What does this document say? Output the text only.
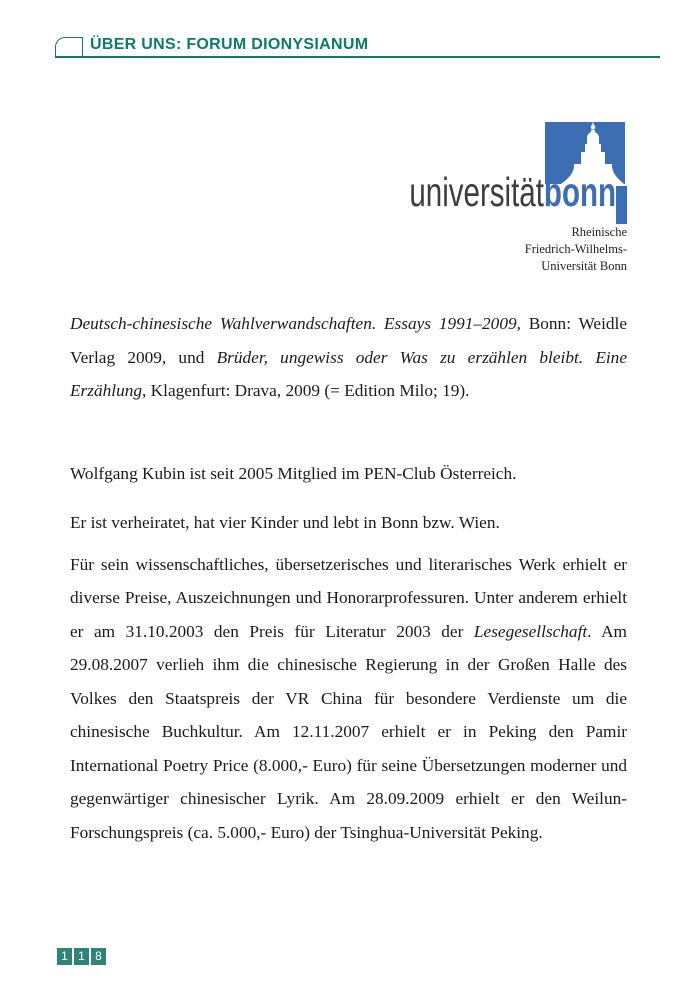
ÜBER UNS: FORUM DIONYSIANUM
universitätbonn
Rheinische
Friedrich-Wilhelms-
Universität Bonn

Deutsch-chinesische Wahlverwandschaften. Essays 1991–2009, Bonn: Weidle Verlag 2009, und Brüder, ungewiss oder Was zu erzählen bleibt. Eine Erzählung, Klagenfurt: Drava, 2009 (= Edition Milo; 19).

Wolfgang Kubin ist seit 2005 Mitglied im PEN-Club Österreich.

Er ist verheiratet, hat vier Kinder und lebt in Bonn bzw. Wien.

Für sein wissenschaftliches, übersetzerisches und literarisches Werk erhielt er diverse Preise, Auszeichnungen und Honorarprofessuren. Unter anderem erhielt er am 31.10.2003 den Preis für Literatur 2003 der Lesegesellschaft. Am 29.08.2007 verlieh ihm die chinesische Regierung in der Großen Halle des Volkes den Staatspreis der VR China für besondere Verdienste um die chinesische Buchkultur. Am 12.11.2007 erhielt er in Peking den Pamir International Poetry Price (8.000,- Euro) für seine Übersetzungen moderner und gegenwärtiger chinesischer Lyrik. Am 28.09.2009 erhielt er den Weilun-Forschungspreis (ca. 5.000,- Euro) der Tsinghua-Universität Peking.

1 1 8
